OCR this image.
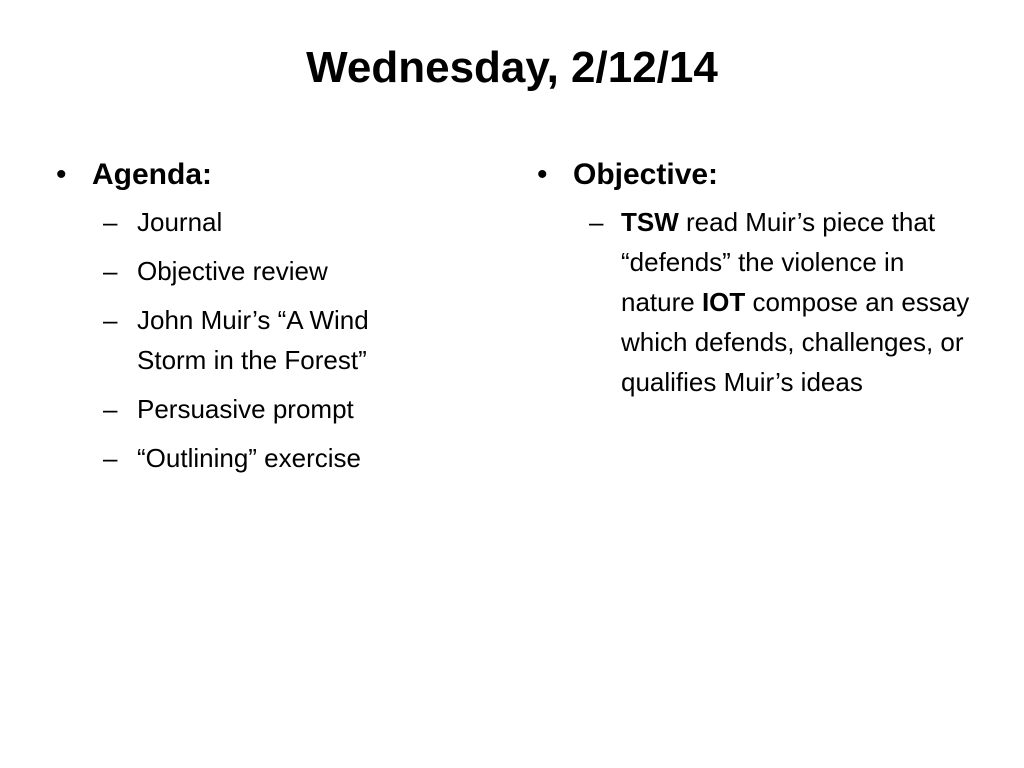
Wednesday, 2/12/14
• Agenda:
– Journal
– Objective review
– John Muir’s “A Wind Storm in the Forest”
– Persuasive prompt
– “Outlining” exercise
• Objective:
– TSW read Muir’s piece that “defends” the violence in nature IOT compose an essay which defends, challenges, or qualifies Muir’s ideas
